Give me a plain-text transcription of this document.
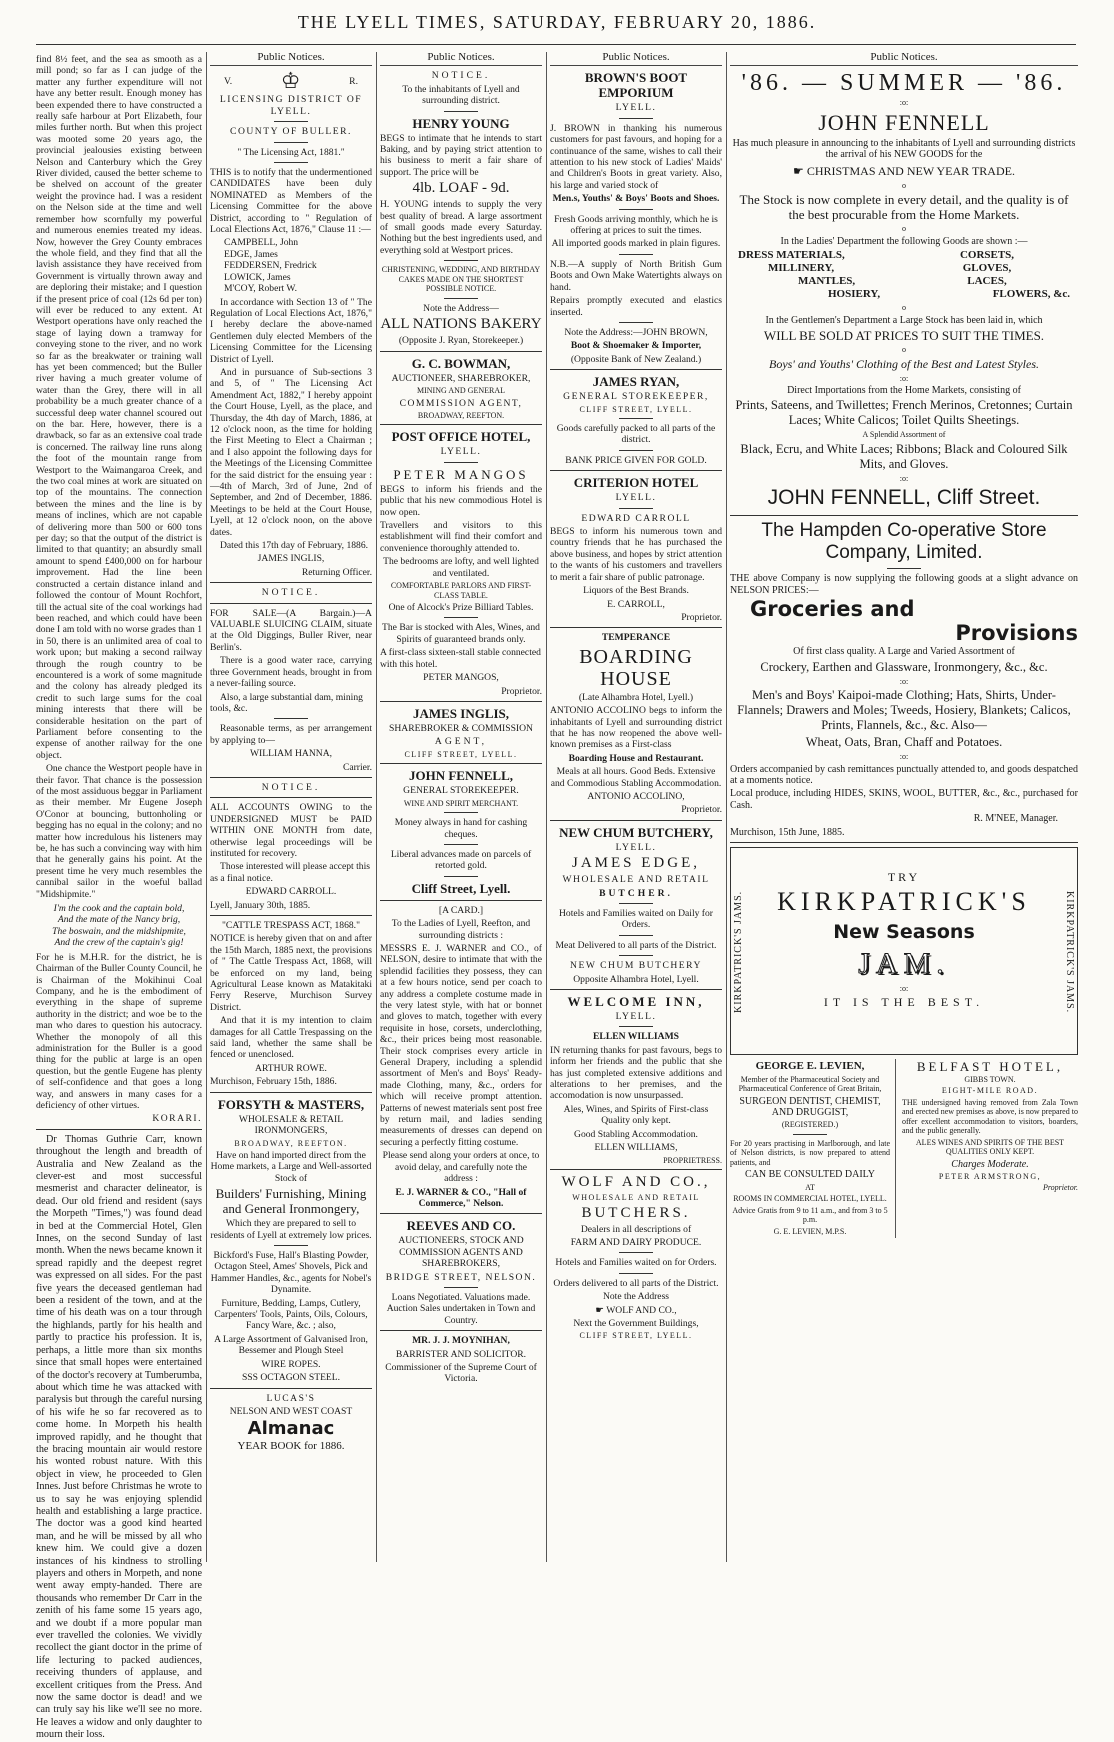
THE LYELL TIMES, SATURDAY, FEBRUARY 20, 1886.

find 8½ feet, and the sea as smooth as a mill pond; so far as I can judge of the matter any further expenditure will not have any better result. Enough money has been expended there to have constructed a really safe harbour at Port Elizabeth, four miles further north. But when this project was mooted some 20 years ago, the provincial jealousies existing between Nelson and Canterbury which the Grey River divided, caused the better scheme to be shelved on account of the greater weight the province had. I was a resident on the Nelson side at the time and well remember how scornfully my powerful and numerous enemies treated my ideas. Now, however the Grey County embraces the whole field, and they find that all the lavish assistance they have received from Government is virtually thrown away and are deploring their mistake; and I question if the present price of coal (12s 6d per ton) will ever be reduced to any extent. At Westport operations have only reached the stage of laying down a tramway for conveying stone to the river, and no work so far as the breakwater or training wall has yet been commenced; but the Buller river having a much greater volume of water than the Grey, there will in all probability be a much greater chance of a successful deep water channel scoured out on the bar. Here, however, there is a drawback, so far as an extensive coal trade is concerned. The railway line runs along the foot of the mountain range from Westport to the Waimangaroa Creek, and the two coal mines at work are situated on top of the mountains. The connection between the mines and the line is by means of inclines, which are not capable of delivering more than 500 or 600 tons per day; so that the output of the district is limited to that quantity; an absurdly small amount to spend £400,000 on for harbour improvement. Had the line been constructed a certain distance inland and followed the contour of Mount Rochfort, till the actual site of the coal workings had been reached, and which could have been done I am told with no worse grades than 1 in 50, there is an unlimited area of coal to work upon; but making a second railway through the rough country to be encountered is a work of some magnitude and the colony has already pledged its credit to such large sums for the coal mining interests that there will be considerable hesitation on the part of Parliament before consenting to the expense of another railway for the one object.

One chance the Westport people have in their favor. That chance is the possession of the most assiduous beggar in Parliament as their member. Mr Eugene Joseph O'Conor at bouncing, buttonholing or begging has no equal in the colony; and no matter how incredulous his listeners may be, he has such a convincing way with him that he generally gains his point. At the present time he very much resembles the cannibal sailor in the woeful ballad "Midshipmite."

I'm the cook and the captain bold,
And the mate of the Nancy brig,
The boswain, and the midshipmite,
And the crew of the captain's gig!

For he is M.H.R. for the district, he is Chairman of the Buller County Council, he is Chairman of the Mokihinui Coal Company, and he is the embodiment of everything in the shape of supreme authority in the district; and woe be to the man who dares to question his autocracy. Whether the monopoly of all this administration for the Buller is a good thing for the public at large is an open question, but the gentle Eugene has plenty of self-confidence and that goes a long way, and answers in many cases for a deficiency of other virtues.

KORARI.

Dr Thomas Guthrie Carr, known throughout the length and breadth of Australia and New Zealand as the clever-est and most successful mesmerist and character delineator, is dead. Our old friend and resident (says the Morpeth "Times,") was found dead in bed at the Commercial Hotel, Glen Innes, on the second Sunday of last month. When the news became known it spread rapidly and the deepest regret was expressed on all sides. For the past five years the deceased gentleman had been a resident of the town, and at the time of his death was on a tour through the highlands, partly for his health and partly to practice his profession. It is, perhaps, a little more than six months since that small hopes were entertained of the doctor's recovery at Tumberumba, about which time he was attacked with paralysis but through the careful nursing of his wife he so far recovered as to come home. In Morpeth his health improved rapidly, and he thought that the bracing mountain air would restore his wonted robust nature. With this object in view, he proceeded to Glen Innes. Just before Christmas he wrote to us to say he was enjoying splendid health and establishing a large practice. The doctor was a good kind hearted man, and he will be missed by all who knew him. We could give a dozen instances of his kindness to strolling players and others in Morpeth, and none went away empty-handed. There are thousands who remember Dr Carr in the zenith of his fame some 15 years ago, and we doubt if a more popular man ever travelled the colonies. We vividly recollect the giant doctor in the prime of life lecturing to packed audiences, receiving thunders of applause, and excellent critiques from the Press. And now the same doctor is dead! and we can truly say his like we'll see no more. He leaves a widow and only daughter to mourn their loss.

Public Notices.
V. ♔	R.

LICENSING DISTRICT OF LYELL.

COUNTY OF BULLER.

" The Licensing Act, 1881."

THIS is to notify that the undermentioned CANDIDATES have been duly NOMINATED as Members of the Licensing Committee for the above District, according to " Regulation of Local Elections Act, 1876," Clause 11 :—

CAMPBELL, John
EDGE, James
FEDDERSEN, Fredrick
LOWICK, James
M'COY, Robert W.

In accordance with Section 13 of " The Regulation of Local Elections Act, 1876," I hereby declare the above-named Gentlemen duly elected Members of the Licensing Committee for the Licensing District of Lyell.

And in pursuance of Sub-sections 3 and 5, of " The Licensing Act Amendment Act, 1882," I hereby appoint the Court House, Lyell, as the place, and Thursday, the 4th day of March, 1886, at 12 o'clock noon, as the time for holding the First Meeting to Elect a Chairman ; and I also appoint the following days for the Meetings of the Licensing Committee for the said district for the ensuing year :—4th of March, 3rd of June, 2nd of September, and 2nd of December, 1886. Meetings to be held at the Court House, Lyell, at 12 o'clock noon, on the above dates.

Dated this 17th day of February, 1886.

JAMES INGLIS,

Returning Officer.

NOTICE.

FOR SALE—(A Bargain.)—A VALUABLE SLUICING CLAIM, situate at the Old Diggings, Buller River, near Berlin's.

There is a good water race, carrying three Government heads, brought in from a never-failing source.

Also, a large substantial dam, mining tools, &c.

Reasonable terms, as per arrangement by applying to—

WILLIAM HANNA,

Carrier.

NOTICE.

ALL ACCOUNTS OWING to the UNDERSIGNED MUST be PAID WITHIN ONE MONTH from date, otherwise legal proceedings will be instituted for recovery.

Those interested will please accept this as a final notice.

EDWARD CARROLL.

Lyell, January 30th, 1885.

"CATTLE TRESPASS ACT, 1868."

NOTICE is hereby given that on and after the 15th March, 1885 next, the provisions of " The Cattle Trespass Act, 1868, will be enforced on my land, being Agricultural Lease known as Matakitaki Ferry Reserve, Murchison Survey District.

And that it is my intention to claim damages for all Cattle Trespassing on the said land, whether the same shall be fenced or unenclosed.

ARTHUR ROWE.

Murchison, February 15th, 1886.

FORSYTH & MASTERS,

WHOLESALE & RETAIL IRONMONGERS,

BROADWAY, REEFTON.

Have on hand imported direct from the Home markets, a Large and Well-assorted Stock of

Builders' Furnishing, Mining and General Ironmongery,

Which they are prepared to sell to residents of Lyell at extremely low prices.

Bickford's Fuse, Hall's Blasting Powder, Octagon Steel, Ames' Shovels, Pick and Hammer Handles, &c., agents for Nobel's Dynamite.

Furniture, Bedding, Lamps, Cutlery, Carpenters' Tools, Paints, Oils, Colours, Fancy Ware, &c. ; also,

A Large Assortment of Galvanised Iron, Bessemer and Plough Steel

WIRE ROPES.

SSS OCTAGON STEEL.

LUCAS'S

NELSON AND WEST COAST

Almanac

YEAR BOOK for 1886.

Public Notices.

NOTICE.

To the inhabitants of Lyell and surrounding district.

HENRY YOUNG

BEGS to intimate that he intends to start Baking, and by paying strict attention to his business to merit a fair share of support. The price will be

4lb. LOAF - 9d.

H. YOUNG intends to supply the very best quality of bread. A large assortment of small goods made every Saturday. Nothing but the best ingredients used, and everything sold at Westport prices.

CHRISTENING, WEDDING, AND BIRTHDAY CAKES MADE ON THE SHORTEST POSSIBLE NOTICE.

Note the Address—

ALL NATIONS BAKERY

(Opposite J. Ryan, Storekeeper.)

G. C. BOWMAN,

AUCTIONEER, SHAREBROKER,

MINING AND GENERAL

COMMISSION AGENT,

BROADWAY, REEFTON.

POST OFFICE HOTEL,

LYELL.

PETER MANGOS

BEGS to inform his friends and the public that his new commodious Hotel is now open.

Travellers and visitors to this establishment will find their comfort and convenience thoroughly attended to.

The bedrooms are lofty, and well lighted and ventilated.

COMFORTABLE PARLORS AND FIRST-CLASS TABLE.

One of Alcock's Prize Billiard Tables.

The Bar is stocked with Ales, Wines, and Spirits of guaranteed brands only.

A first-class sixteen-stall stable connected with this hotel.

PETER MANGOS,

Proprietor.

JAMES INGLIS,

SHAREBROKER & COMMISSION

AGENT,

CLIFF STREET, LYELL.

JOHN FENNELL,

GENERAL STOREKEEPER.

WINE AND SPIRIT MERCHANT.

Money always in hand for cashing cheques.

Liberal advances made on parcels of retorted gold.

Cliff Street, Lyell.

[A CARD.]

To the Ladies of Lyell, Reefton, and surrounding districts :

MESSRS E. J. WARNER and CO., of NELSON, desire to intimate that with the splendid facilities they possess, they can at a few hours notice, send per coach to any address a complete costume made in the very latest style, with hat or bonnet and gloves to match, together with every requisite in hose, corsets, underclothing, &c., their prices being most reasonable. Their stock comprises every article in General Drapery, including a splendid assortment of Men's and Boys' Ready-made Clothing, many, &c., orders for which will receive prompt attention. Patterns of newest materials sent post free by return mail, and ladies sending measurements of dresses can depend on securing a perfectly fitting costume.

Please send along your orders at once, to avoid delay, and carefully note the address :

E. J. WARNER & CO., "Hall of Commerce," Nelson.

REEVES AND CO.

AUCTIONEERS, STOCK AND COMMISSION AGENTS AND SHAREBROKERS,

BRIDGE STREET, NELSON.

Loans Negotiated. Valuations made. Auction Sales undertaken in Town and Country.

MR. J. J. MOYNIHAN,

BARRISTER AND SOLICITOR.

Commissioner of the Supreme Court of Victoria.

Public Notices.

BROWN'S BOOT EMPORIUM

LYELL.

J. BROWN in thanking his numerous customers for past favours, and hoping for a continuance of the same, wishes to call their attention to his new stock of Ladies' Maids' and Children's Boots in great variety. Also, his large and varied stock of

Men.s, Youths' & Boys' Boots and Shoes.

Fresh Goods arriving monthly, which he is offering at prices to suit the times.

All imported goods marked in plain figures.

N.B.—A supply of North British Gum Boots and Own Make Watertights always on hand.

Repairs promptly executed and elastics inserted.

Note the Address:—JOHN BROWN,

Boot & Shoemaker & Importer,

(Opposite Bank of New Zealand.)

JAMES RYAN,

GENERAL STOREKEEPER,

CLIFF STREET, LYELL.

Goods carefully packed to all parts of the district.

BANK PRICE GIVEN FOR GOLD.

CRITERION HOTEL

LYELL.

EDWARD CARROLL

BEGS to inform his numerous town and country friends that he has purchased the above business, and hopes by strict attention to the wants of his customers and travellers to merit a fair share of public patronage.

Liquors of the Best Brands.

E. CARROLL,

Proprietor.

TEMPERANCE

BOARDING HOUSE

(Late Alhambra Hotel, Lyell.)

ANTONIO ACCOLINO begs to inform the inhabitants of Lyell and surrounding district that he has now reopened the above well-known premises as a First-class

Boarding House and Restaurant.

Meals at all hours. Good Beds. Extensive and Commodious Stabling Accommodation.

ANTONIO ACCOLINO,

Proprietor.

NEW CHUM BUTCHERY,

LYELL.

JAMES EDGE,

WHOLESALE AND RETAIL

BUTCHER.

Hotels and Families waited on Daily for Orders.

Meat Delivered to all parts of the District.

NEW CHUM BUTCHERY

Opposite Alhambra Hotel, Lyell.

WELCOME INN,

LYELL.

ELLEN WILLIAMS

IN returning thanks for past favours, begs to inform her friends and the public that she has just completed extensive additions and alterations to her premises, and the accomodation is now unsurpassed.

Ales, Wines, and Spirits of First-class Quality only kept.

Good Stabling Accommodation.

ELLEN WILLIAMS,

PROPRIETRESS.

WOLF AND CO.,

WHOLESALE AND RETAIL

BUTCHERS.

Dealers in all descriptions of

FARM AND DAIRY PRODUCE.

Hotels and Families waited on for Orders.

Orders delivered to all parts of the District.

Note the Address

☛ WOLF AND CO.,

Next the Government Buildings,

CLIFF STREET, LYELL.

Public Notices.

'86. — SUMMER — '86.

:o:

JOHN FENNELL

Has much pleasure in announcing to the inhabitants of Lyell and surrounding districts the arrival of his NEW GOODS for the

☛ CHRISTMAS AND NEW YEAR TRADE.

o

The Stock is now complete in every detail, and the quality is of the best procurable from the Home Markets.

o

In the Ladies' Department the following Goods are shown :—

DRESS MATERIALS,	CORSETS,
MILLINERY,	GLOVES,
MANTLES,	LACES,
HOSIERY,	FLOWERS, &c.

o

In the Gentlemen's Department a Large Stock has been laid in, which

WILL BE SOLD AT PRICES TO SUIT THE TIMES.

o

Boys' and Youths' Clothing of the Best and Latest Styles.

:o:

Direct Importations from the Home Markets, consisting of

Prints, Sateens, and Twillettes; French Merinos, Cretonnes; Curtain Laces; White Calicos; Toilet Quilts Sheetings.

A Splendid Assortment of

Black, Ecru, and White Laces; Ribbons; Black and Coloured Silk Mits, and Gloves.

:o:

JOHN FENNELL, Cliff Street.

The Hampden Co-operative Store Company, Limited.

THE above Company is now supplying the following goods at a slight advance on NELSON PRICES:—

Groceries and

Provisions

Of first class quality. A Large and Varied Assortment of

Crockery, Earthen and Glassware, Ironmongery, &c., &c.

:o:

Men's and Boys' Kaipoi-made Clothing; Hats, Shirts, Under-Flannels; Drawers and Moles; Tweeds, Hosiery, Blankets; Calicos, Prints, Flannels, &c., &c. Also—

Wheat, Oats, Bran, Chaff and Potatoes.

:o:

Orders accompanied by cash remittances punctually attended to, and goods despatched at a moments notice.

Local produce, including HIDES, SKINS, WOOL, BUTTER, &c., &c., purchased for Cash.

R. M'NEE, Manager.

Murchison, 15th June, 1885.

KIRKPATRICK'S JAMS.	KIRKPATRICK'S JAMS.

TRY

KIRKPATRICK'S

New Seasons

JAM.

:o:

IT IS THE BEST.

GEORGE E. LEVIEN,

Member of the Pharmaceutical Society and Pharmaceutical Conference of Great Britain,

SURGEON DENTIST, CHEMIST, AND DRUGGIST,

(REGISTERED.)

For 20 years practising in Marlborough, and late of Nelson districts, is now prepared to attend patients, and

CAN BE CONSULTED DAILY

AT

ROOMS IN COMMERCIAL HOTEL, LYELL.

Advice Gratis from 9 to 11 a.m., and from 3 to 5 p.m.

G. E. LEVIEN, M.P.S.

BELFAST HOTEL,

GIBBS TOWN.

EIGHT-MILE ROAD.

THE undersigned having removed from Zala Town and erected new premises as above, is now prepared to offer excellent accommodation to visitors, boarders, and the public generally.

ALES WINES AND SPIRITS OF THE BEST QUALITIES ONLY KEPT.

Charges Moderate.

PETER ARMSTRONG,

Proprietor.
